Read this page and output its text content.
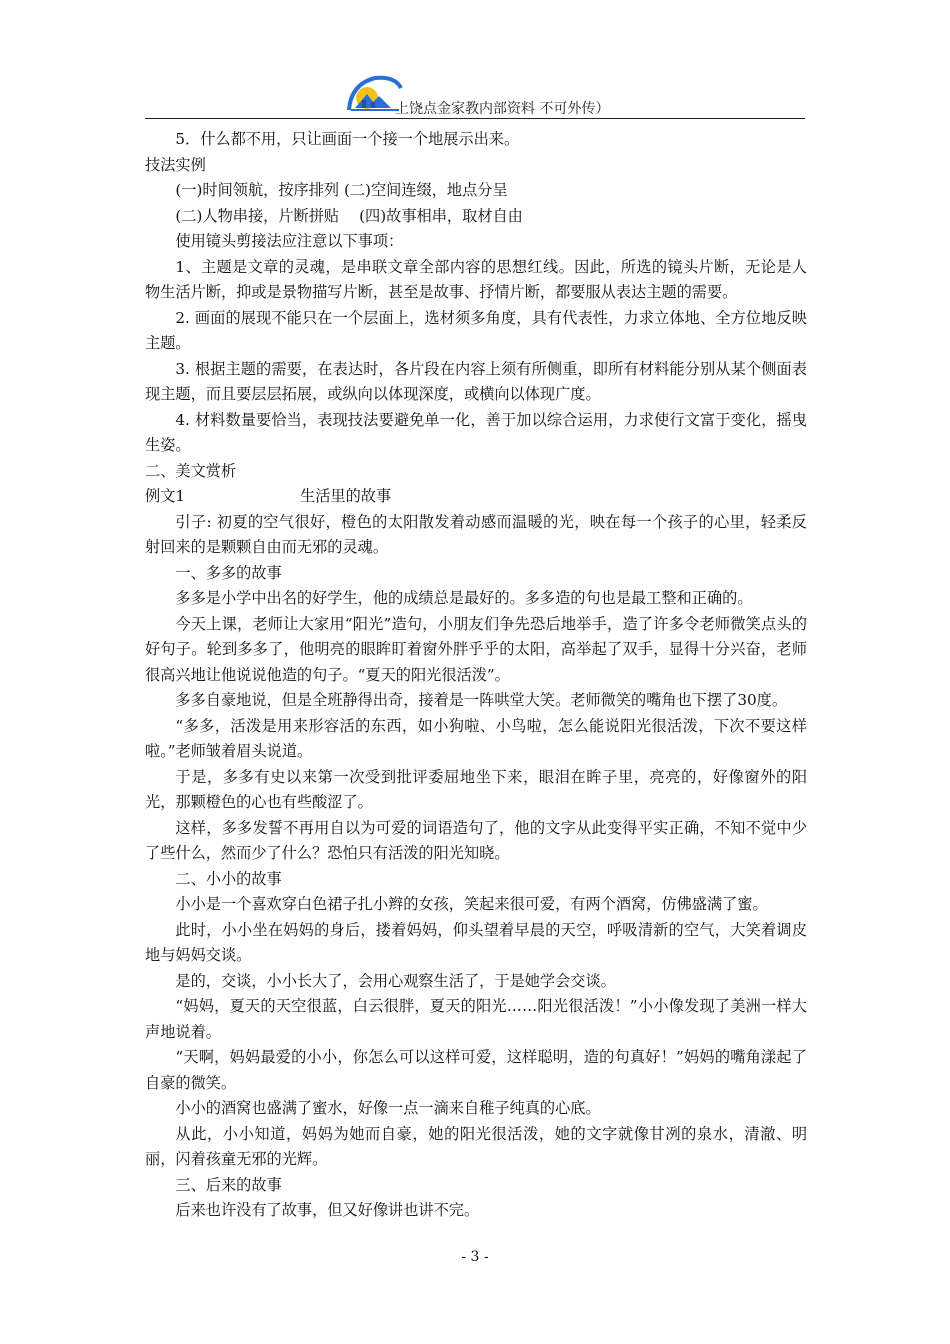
上饶点金家教内部资料 不可外传）

5．什么都不用，只让画面一个接一个地展示出来。

技法实例

(一)时间领航，按序排列 (二)空间连缀，地点分呈

(二)人物串接，片断拼贴　 (四)故事相串，取材自由

使用镜头剪接法应注意以下事项：

1、主题是文章的灵魂，是串联文章全部内容的思想红线。因此，所选的镜头片断，无论是人物生活片断，抑或是景物描写片断，甚至是故事、抒情片断，都要服从表达主题的需要。

2. 画面的展现不能只在一个层面上，选材须多角度，具有代表性，力求立体地、全方位地反映主题。

3. 根据主题的需要，在表达时，各片段在内容上须有所侧重，即所有材料能分别从某个侧面表现主题，而且要层层拓展，或纵向以体现深度，或横向以体现广度。

4. 材料数量要恰当，表现技法要避免单一化，善于加以综合运用，力求使行文富于变化，摇曳生姿。

二、美文赏析

例文1	生活里的故事

引子: 初夏的空气很好，橙色的太阳散发着动感而温暖的光，映在每一个孩子的心里，轻柔反射回来的是颗颗自由而无邪的灵魂。

一、多多的故事

多多是小学中出名的好学生，他的成绩总是最好的。多多造的句也是最工整和正确的。

今天上课，老师让大家用“阳光”造句，小朋友们争先恐后地举手，造了许多令老师微笑点头的好句子。轮到多多了，他明亮的眼眸盯着窗外胖乎乎的太阳，高举起了双手，显得十分兴奋，老师很高兴地让他说说他造的句子。“夏天的阳光很活泼”。

多多自豪地说，但是全班静得出奇，接着是一阵哄堂大笑。老师微笑的嘴角也下摆了30度。

“多多，活泼是用来形容活的东西，如小狗啦、小鸟啦，怎么能说阳光很活泼，下次不要这样啦。”老师皱着眉头说道。

于是，多多有史以来第一次受到批评委屈地坐下来，眼泪在眸子里，亮亮的，好像窗外的阳光，那颗橙色的心也有些酸涩了。

这样，多多发誓不再用自以为可爱的词语造句了，他的文字从此变得平实正确，不知不觉中少了些什么，然而少了什么？恐怕只有活泼的阳光知晓。

二、小小的故事

小小是一个喜欢穿白色裙子扎小辫的女孩，笑起来很可爱，有两个酒窝，仿佛盛满了蜜。

此时，小小坐在妈妈的身后，搂着妈妈，仰头望着早晨的天空，呼吸清新的空气，大笑着调皮地与妈妈交谈。

是的，交谈，小小长大了，会用心观察生活了，于是她学会交谈。

“妈妈，夏天的天空很蓝，白云很胖，夏天的阳光……阳光很活泼！”小小像发现了美洲一样大声地说着。

“天啊，妈妈最爱的小小，你怎么可以这样可爱，这样聪明，造的句真好！”妈妈的嘴角漾起了自豪的微笑。

小小的酒窝也盛满了蜜水，好像一点一滴来自稚子纯真的心底。

从此，小小知道，妈妈为她而自豪，她的阳光很活泼，她的文字就像甘冽的泉水，清澈、明丽，闪着孩童无邪的光辉。

三、后来的故事

后来也许没有了故事，但又好像讲也讲不完。

- 3 -
